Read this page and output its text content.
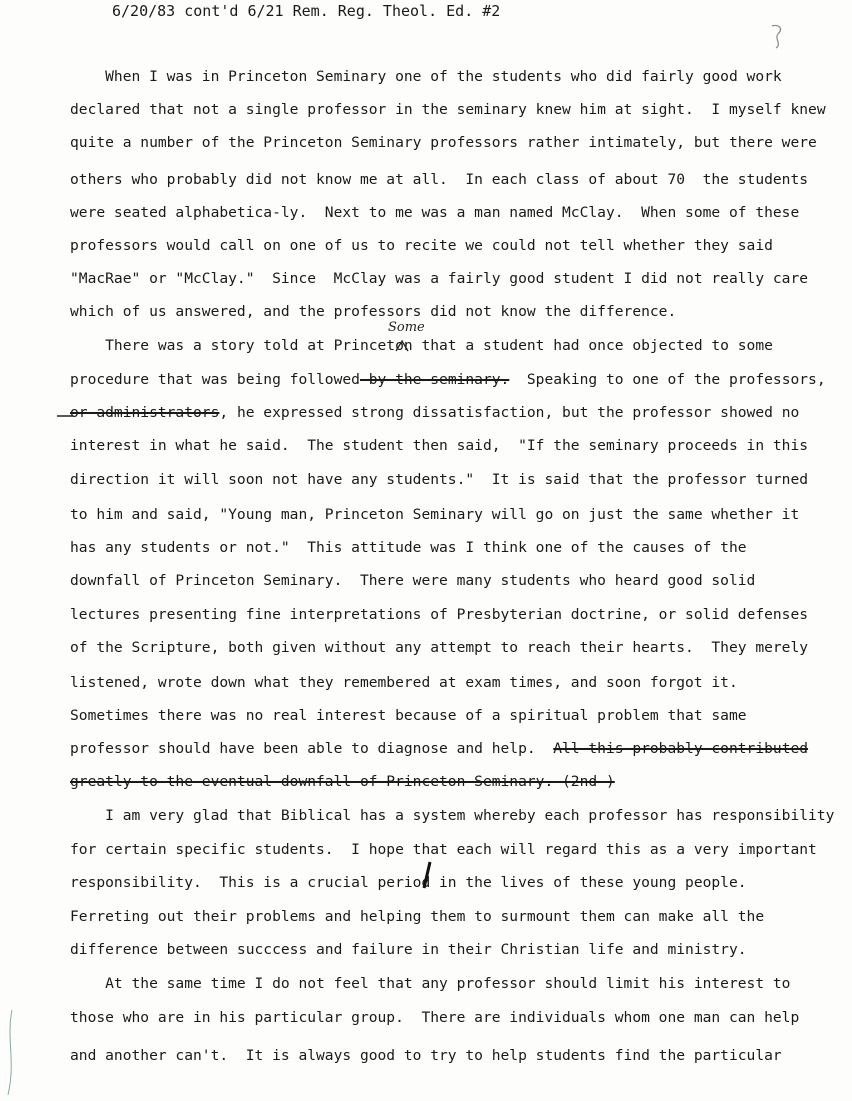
6/20/83 cont'd 6/21 Rem. Reg. Theol. Ed. #2
When I was in Princeton Seminary one of the students who did fairly good work
declared that not a single professor in the seminary knew him at sight.  I myself knew
quite a number of the Princeton Seminary professors rather intimately, but there were
others who probably did not know me at all.  In each class of about 70  the students
were seated alphabetica-ly.  Next to me was a man named McClay.  When some of these
professors would call on one of us to recite we could not tell whether they said
"MacRae" or "McClay."  Since  McClay was a fairly good student I did not really care
which of us answered, and the professors did not know the difference.
Some
There was a story told at Princeton that a student had once objected to some
procedure that was being followed by the seminary.  Speaking to one of the professors,
or administrators, he expressed strong dissatisfaction, but the professor showed no
interest in what he said.  The student then said,  "If the seminary proceeds in this
direction it will soon not have any students."  It is said that the professor turned
to him and said, "Young man, Princeton Seminary will go on just the same whether it
has any students or not."  This attitude was I think one of the causes of the
downfall of Princeton Seminary.  There were many students who heard good solid
lectures presenting fine interpretations of Presbyterian doctrine, or solid defenses
of the Scripture, both given without any attempt to reach their hearts.  They merely
listened, wrote down what they remembered at exam times, and soon forgot it.
Sometimes there was no real interest because of a spiritual problem that same
professor should have been able to diagnose and help.  All this probably contributed
greatly to the eventual downfall of Princeton Seminary. (2nd )
I am very glad that Biblical has a system whereby each professor has responsibility
for certain specific students.  I hope that each will regard this as a very important
responsibility.  This is a crucial period in the lives of these young people.
Ferreting out their problems and helping them to surmount them can make all the
difference between succcess and failure in their Christian life and ministry.
At the same time I do not feel that any professor should limit his interest to
those who are in his particular group.  There are individuals whom one man can help
and another can't.  It is always good to try to help students find the particular
